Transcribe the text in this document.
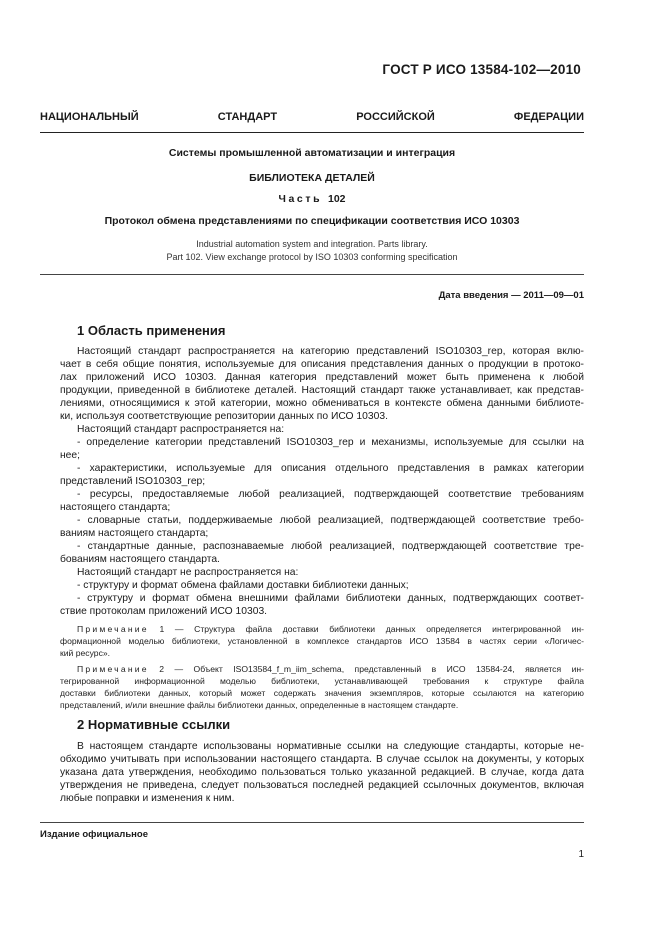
ГОСТ Р ИСО 13584-102—2010
НАЦИОНАЛЬНЫЙ СТАНДАРТ РОССИЙСКОЙ ФЕДЕРАЦИИ
Системы промышленной автоматизации и интеграция
БИБЛИОТЕКА ДЕТАЛЕЙ
Часть 102
Протокол обмена представлениями по спецификации соответствия ИСО 10303
Industrial automation system and integration. Parts library.
Part 102. View exchange protocol by ISO 10303 conforming specification
Дата введения — 2011—09—01
1 Область применения
Настоящий стандарт распространяется на категорию представлений ISO10303_rep, которая вклю-
чает в себя общие понятия, используемые для описания представления данных о продукции в протоко-
лах приложений ИСО 10303. Данная категория представлений может быть применена к любой
продукции, приведенной в библиотеке деталей. Настоящий стандарт также устанавливает, как представ-
лениями, относящимися к этой категории, можно обмениваться в контексте обмена данными библиоте-
ки, используя соответствующие репозитории данных по ИСО 10303.
Настоящий стандарт распространяется на:
- определение категории представлений ISO10303_rep и механизмы, используемые для ссылки на
нее;
- характеристики, используемые для описания отдельного представления в рамках категории
представлений ISO10303_rep;
- ресурсы, предоставляемые любой реализацией, подтверждающей соответствие требованиям
настоящего стандарта;
- словарные статьи, поддерживаемые любой реализацией, подтверждающей соответствие требо-
ваниям настоящего стандарта;
- стандартные данные, распознаваемые любой реализацией, подтверждающей соответствие тре-
бованиям настоящего стандарта.
Настоящий стандарт не распространяется на:
- структуру и формат обмена файлами доставки библиотеки данных;
- структуру и формат обмена внешними файлами библиотеки данных, подтверждающих соответ-
ствие протоколам приложений ИСО 10303.
Примечание 1 — Структура файла доставки библиотеки данных определяется интегрированной ин-
формационной моделью библиотеки, установленной в комплексе стандартов ИСО 13584 в частях серии «Логичес-
кий ресурс».
Примечание 2 — Объект ISO13584_f_m_iim_schema, представленный в ИСО 13584-24, является ин-
тегрированной информационной моделью библиотеки, устанавливающей требования к структуре файла
доставки библиотеки данных, который может содержать значения экземпляров, которые ссылаются на категорию
представлений, и/или внешние файлы библиотеки данных, определенные в настоящем стандарте.
2 Нормативные ссылки
В настоящем стандарте использованы нормативные ссылки на следующие стандарты, которые не-
обходимо учитывать при использовании настоящего стандарта. В случае ссылок на документы, у которых
указана дата утверждения, необходимо пользоваться только указанной редакцией. В случае, когда дата
утверждения не приведена, следует пользоваться последней редакцией ссылочных документов, включая
любые поправки и изменения к ним.
Издание официальное
1
